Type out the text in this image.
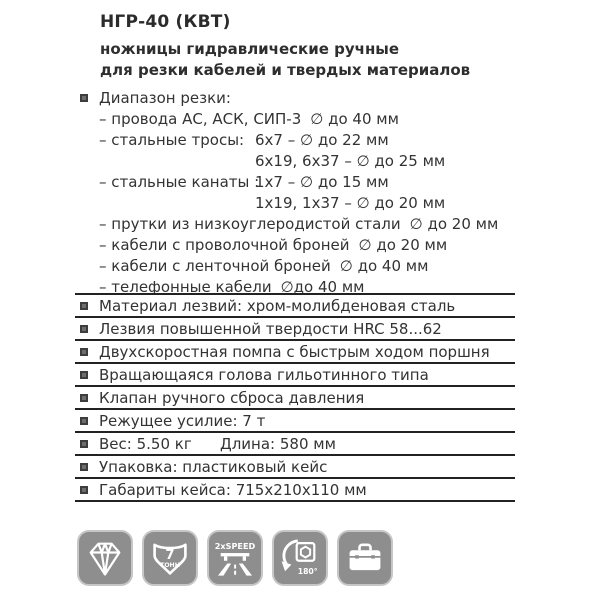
НГР-40 (КВТ)

ножницы гидравлические ручные

для резки кабелей и твердых материалов

Диапазон резки:
– провода АС, АСК, СИП-3 ∅ до 40 мм
– стальные тросы: 6x7 – ∅ до 22 мм
6x19, 6x37 – ∅ до 25 мм
– стальные канаты :
1x7 – ∅ до 15 мм
1x19, 1x37 – ∅ до 20 мм
– прутки из низкоуглеродистой стали ∅ до 20 мм
– кабели с проволочной броней ∅ до 20 мм
– кабели с ленточной броней ∅ до 40 мм
– телефонные кабели ∅до 40 мм
Материал лезвий: хром-молибденовая сталь
Лезвия повышенной твердости HRC 58...62
Двухскоростная помпа с быстрым ходом поршня
Вращающаяся голова гильотинного типа
Клапан ручного сброса давления
Режущее усилие: 7 т
Вес: 5.50 кг	Длина: 580 мм
Упаковка: пластиковый кейс
Габариты кейса: 715x210x110 мм
7
ТОНН
2xSPEED
180°
